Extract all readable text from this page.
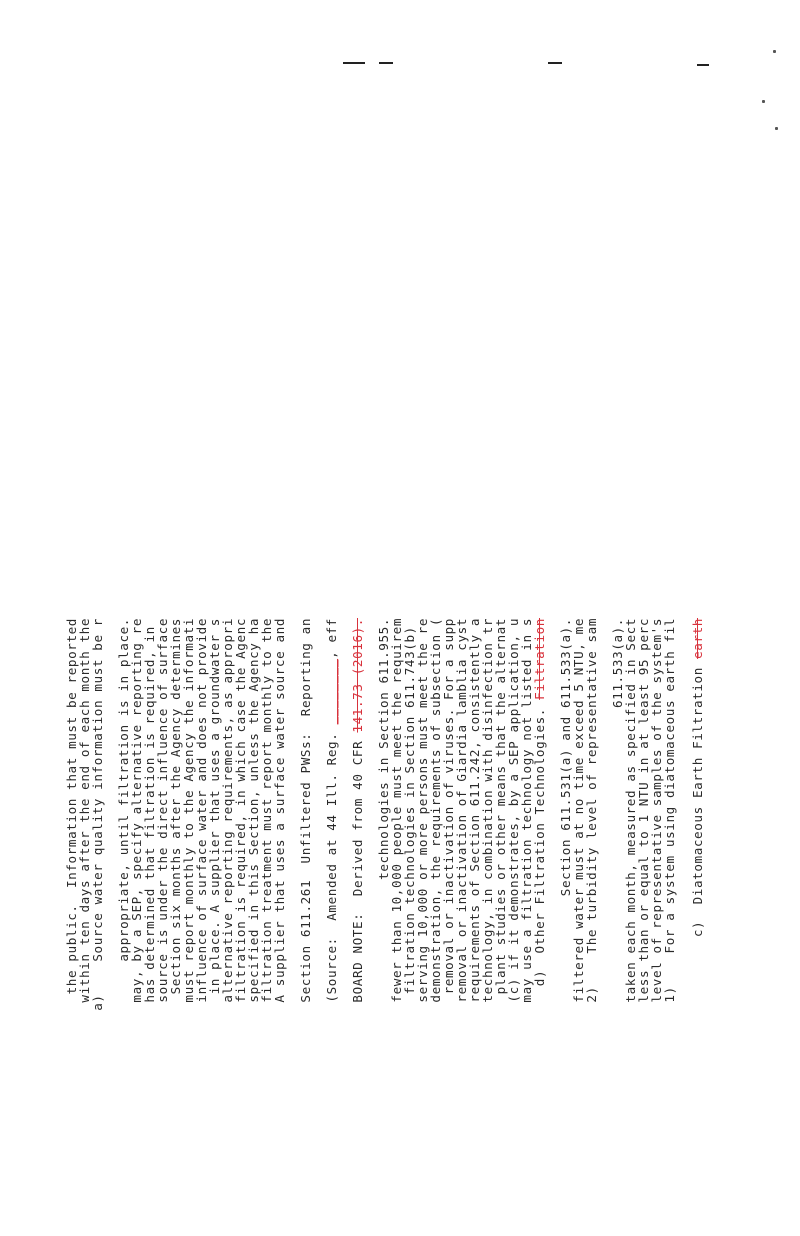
c)  Diatomaceous Earth Filtration earth
1)    For a system using diatomaceous earth fil
level of representative samples of the system's
less than or equal to 1 NTU in at least 95 perc
taken each month, measured as specified in Sect
611.533(a).
2)    The turbidity level of representative sam
filtered water must at no time exceed 5 NTU, me
Section 611.531(a) and 611.533(a).
d)  Other Filtration Technologies. Filtration
may use a filtration technology not listed in s
(c) if it demonstrates, by a SEP application, u
plant studies or other means that the alternat
technology, in combination with disinfection tr
requirements of Section 611.242, consistently a
removal or inactivation of Giardia lamblia cyst
removal or inactivation of viruses. For a supp
demonstration, the requirements of subsection (
serving 10,000 or more persons must meet the re
filtration technologies in Section 611.743(b)
fewer than 10,000 people must meet the requirem
technologies in Section 611.955.
BOARD NOTE:  Derived from 40 CFR 141.73 (2016).
(Source:  Amended at 44 Ill. Reg. ________, eff
Section 611.261  Unfiltered PWSs:  Reporting an
A supplier that uses a surface water source and
filtration treatment must report monthly to the
specified in this Section, unless the Agency ha
filtration is required, in which case the Agenc
alternative reporting requirements, as appropri
in place. A supplier that uses a groundwater s
influence of surface water and does not provide
must report monthly to the Agency the informati
Section six months after the Agency determines
source is under the direct influence of surface
has determined that filtration is required, in
may, by a SEP, specify alternative reporting re
appropriate, until filtration is in place.
a)    Source water quality information must be r
within ten days after the end of each month the
the public.  Information that must be reported
